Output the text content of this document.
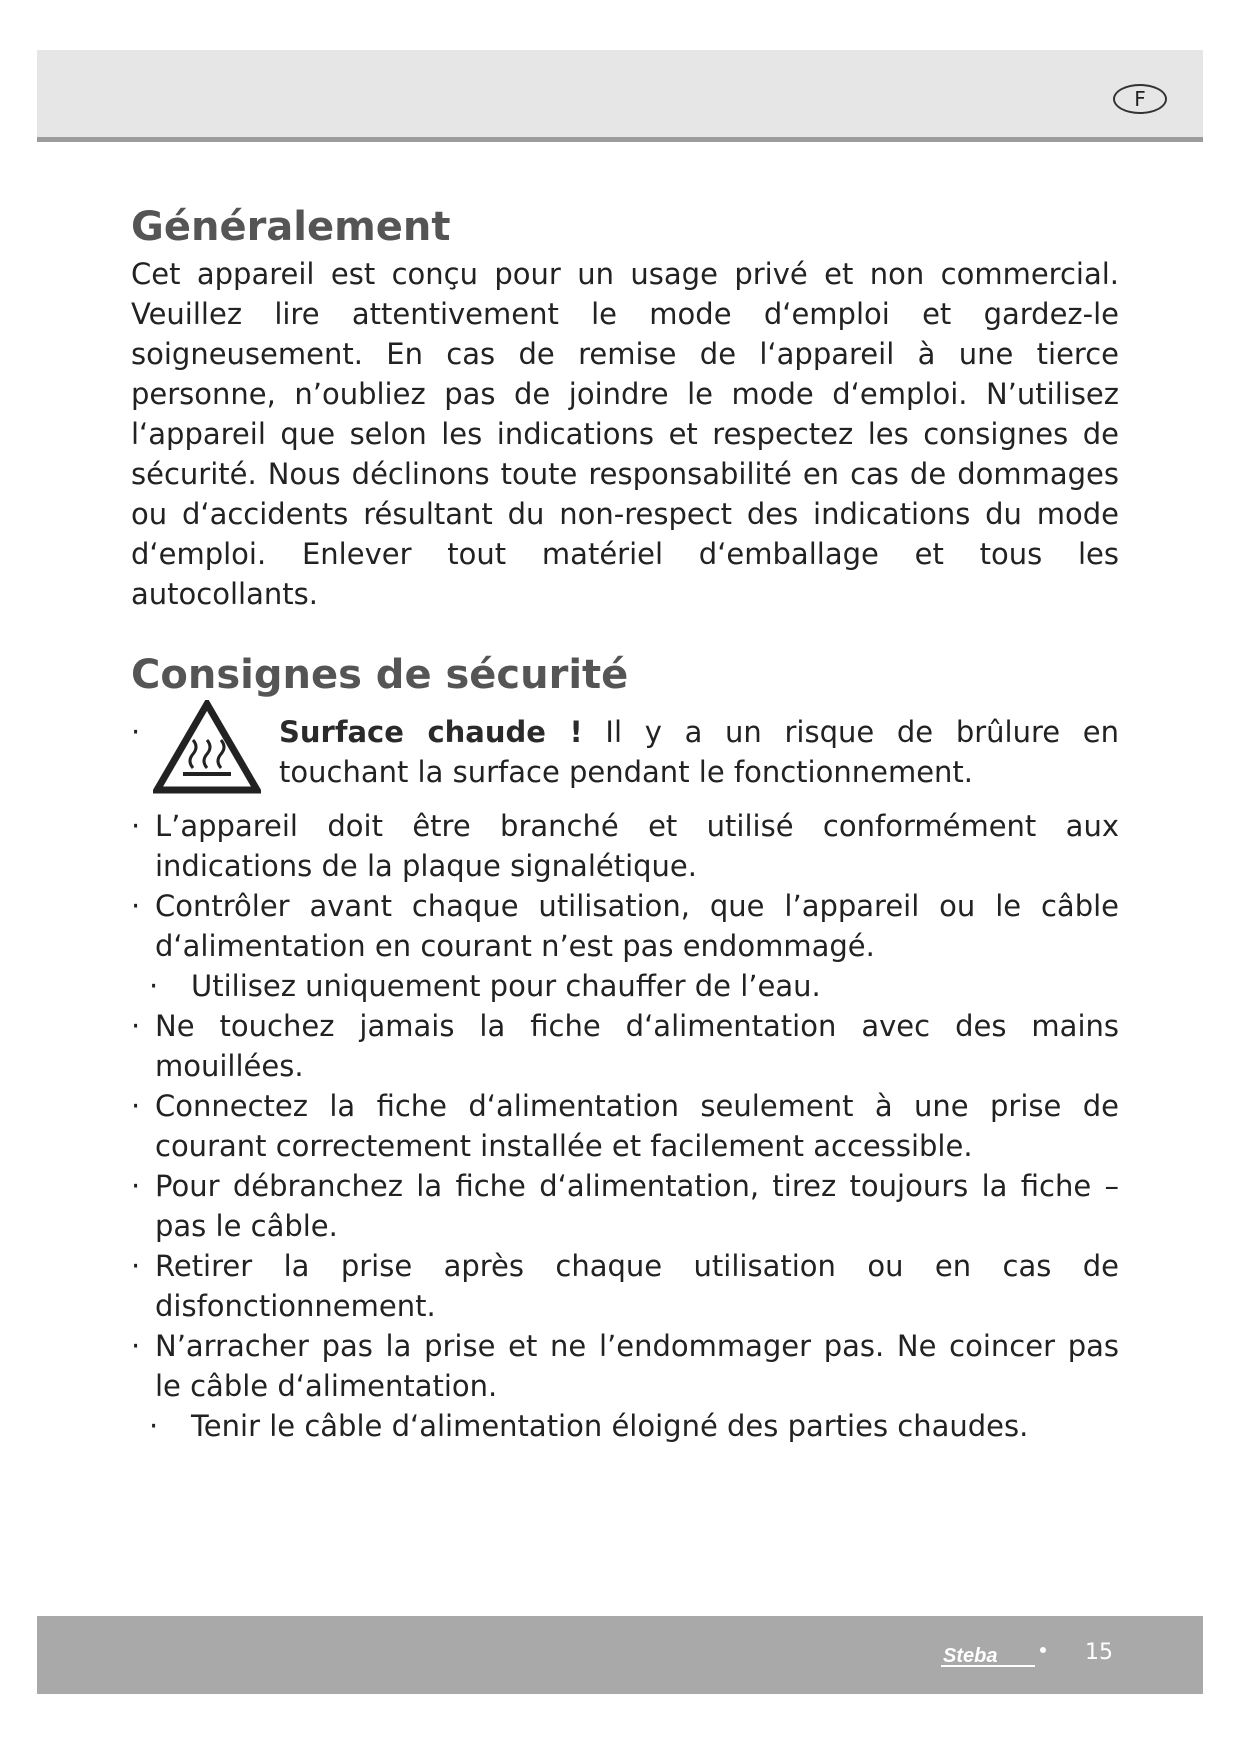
F
Généralement

Cet appareil est conçu pour un usage privé et non commercial. Veuillez lire attentivement le mode d‘emploi et gardez-le soigneusement. En cas de remise de l‘appareil à une tierce personne, n’oubliez pas de joindre le mode d‘emploi. N’utilisez l‘appareil que selon les indications et respectez les consignes de sécurité. Nous déclinons toute responsabilité en cas de dommages ou d‘accidents résultant du non-respect des indications du mode d‘emploi. Enlever tout matériel d‘emballage et tous les autocollants.

Consignes de sécurité
·	Surface chaude ! Il y a un risque de brûlure en touchant la surface pendant le fonctionnement.
· L’appareil doit être branché et utilisé conformément aux indications de la plaque signalétique.
· Contrôler avant chaque utilisation, que l’appareil ou le câble d‘alimentation en courant n’est pas endommagé.
· Utilisez uniquement pour chauffer de l’eau.
· Ne touchez jamais la fiche d‘alimentation avec des mains mouillées.
· Connectez la fiche d‘alimentation seulement à une prise de courant correctement installée et facilement accessible.
· Pour débranchez la fiche d‘alimentation, tirez toujours la fiche – pas le câble.
· Retirer la prise après chaque utilisation ou en cas de disfonctionnement.
· N’arracher pas la prise et ne l’endommager pas. Ne coincer pas le câble d‘alimentation.
· Tenir le câble d‘alimentation éloigné des parties chaudes.
Steba	15
